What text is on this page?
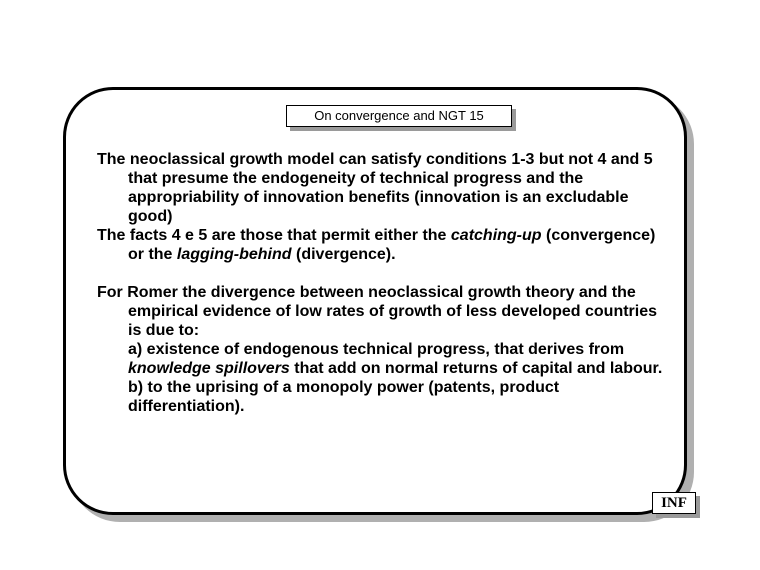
On convergence and NGT 15
The neoclassical growth model can satisfy conditions 1-3 but not 4 and 5 that presume the endogeneity of technical progress and the appropriability of innovation benefits (innovation is an excludable good)
The facts 4 e 5 are those that permit either the catching-up (convergence) or the lagging-behind (divergence).
For Romer the divergence between neoclassical growth theory and the empirical evidence of low rates of growth of less developed countries is due to:
a) existence of endogenous technical progress, that derives from knowledge spillovers that add on normal returns of capital and labour.
b) to the uprising of a monopoly power (patents, product differentiation).
INF
